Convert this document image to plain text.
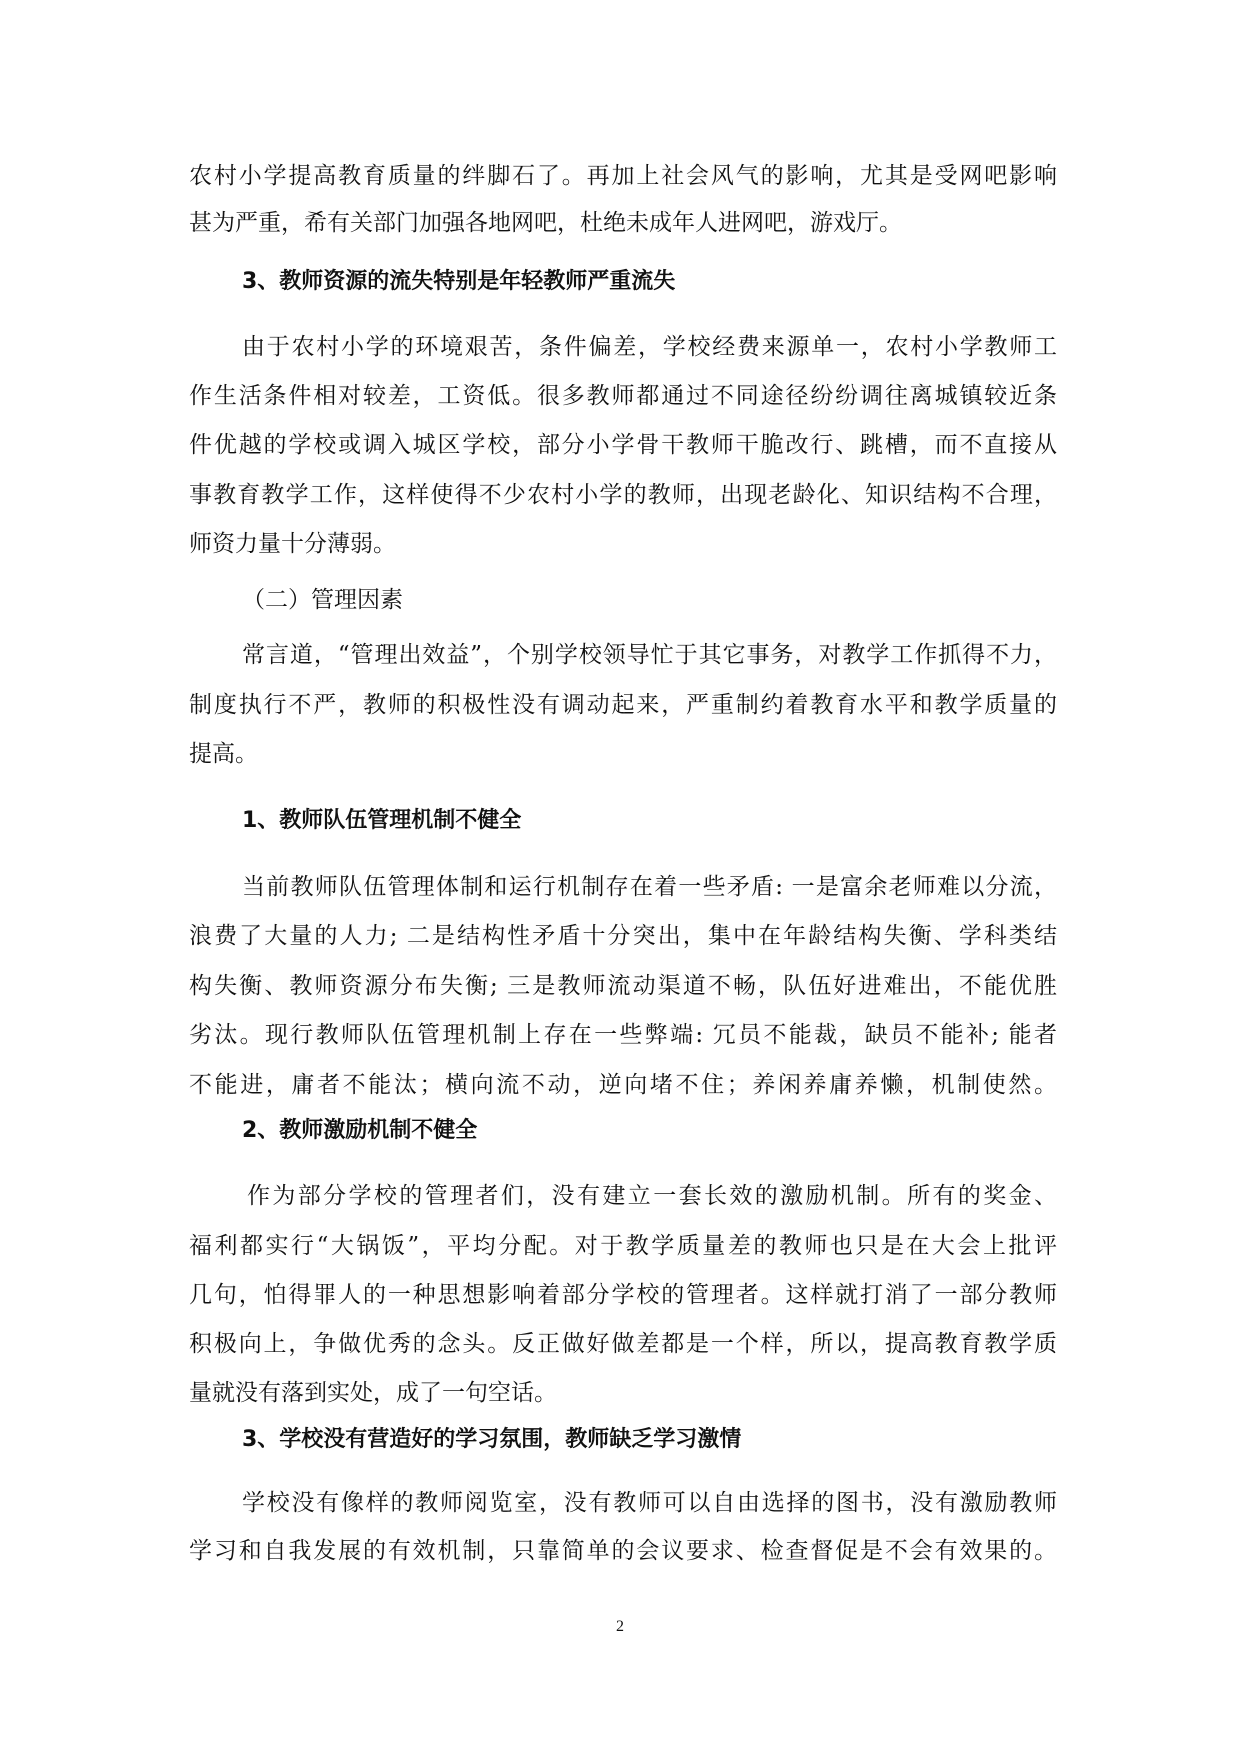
农村小学提高教育质量的绊脚石了。再加上社会风气的影响，尤其是受网吧影响
甚为严重，希有关部门加强各地网吧，杜绝未成年人进网吧，游戏厅。
3、教师资源的流失特别是年轻教师严重流失
由于农村小学的环境艰苦，条件偏差，学校经费来源单一，农村小学教师工
作生活条件相对较差，工资低。很多教师都通过不同途径纷纷调往离城镇较近条
件优越的学校或调入城区学校，部分小学骨干教师干脆改行、跳槽，而不直接从
事教育教学工作，这样使得不少农村小学的教师，出现老龄化、知识结构不合理，
师资力量十分薄弱。
（二）管理因素
常言道，“管理出效益”，个别学校领导忙于其它事务，对教学工作抓得不力，
制度执行不严，教师的积极性没有调动起来，严重制约着教育水平和教学质量的
提高。
1、教师队伍管理机制不健全
当前教师队伍管理体制和运行机制存在着一些矛盾: 一是富余老师难以分流，
浪费了大量的人力; 二是结构性矛盾十分突出，集中在年龄结构失衡、学科类结
构失衡、教师资源分布失衡; 三是教师流动渠道不畅，队伍好进难出，不能优胜
劣汰。现行教师队伍管理机制上存在一些弊端: 冗员不能裁，缺员不能补; 能者
不能进，庸者不能汰；横向流不动，逆向堵不住；养闲养庸养懒，机制使然。
2、教师激励机制不健全
作为部分学校的管理者们，没有建立一套长效的激励机制。所有的奖金、
福利都实行“大锅饭”，平均分配。对于教学质量差的教师也只是在大会上批评
几句，怕得罪人的一种思想影响着部分学校的管理者。这样就打消了一部分教师
积极向上，争做优秀的念头。反正做好做差都是一个样，所以，提高教育教学质
量就没有落到实处，成了一句空话。
3、学校没有营造好的学习氛围，教师缺乏学习激情
学校没有像样的教师阅览室，没有教师可以自由选择的图书，没有激励教师
学习和自我发展的有效机制，只靠简单的会议要求、检查督促是不会有效果的。
2
